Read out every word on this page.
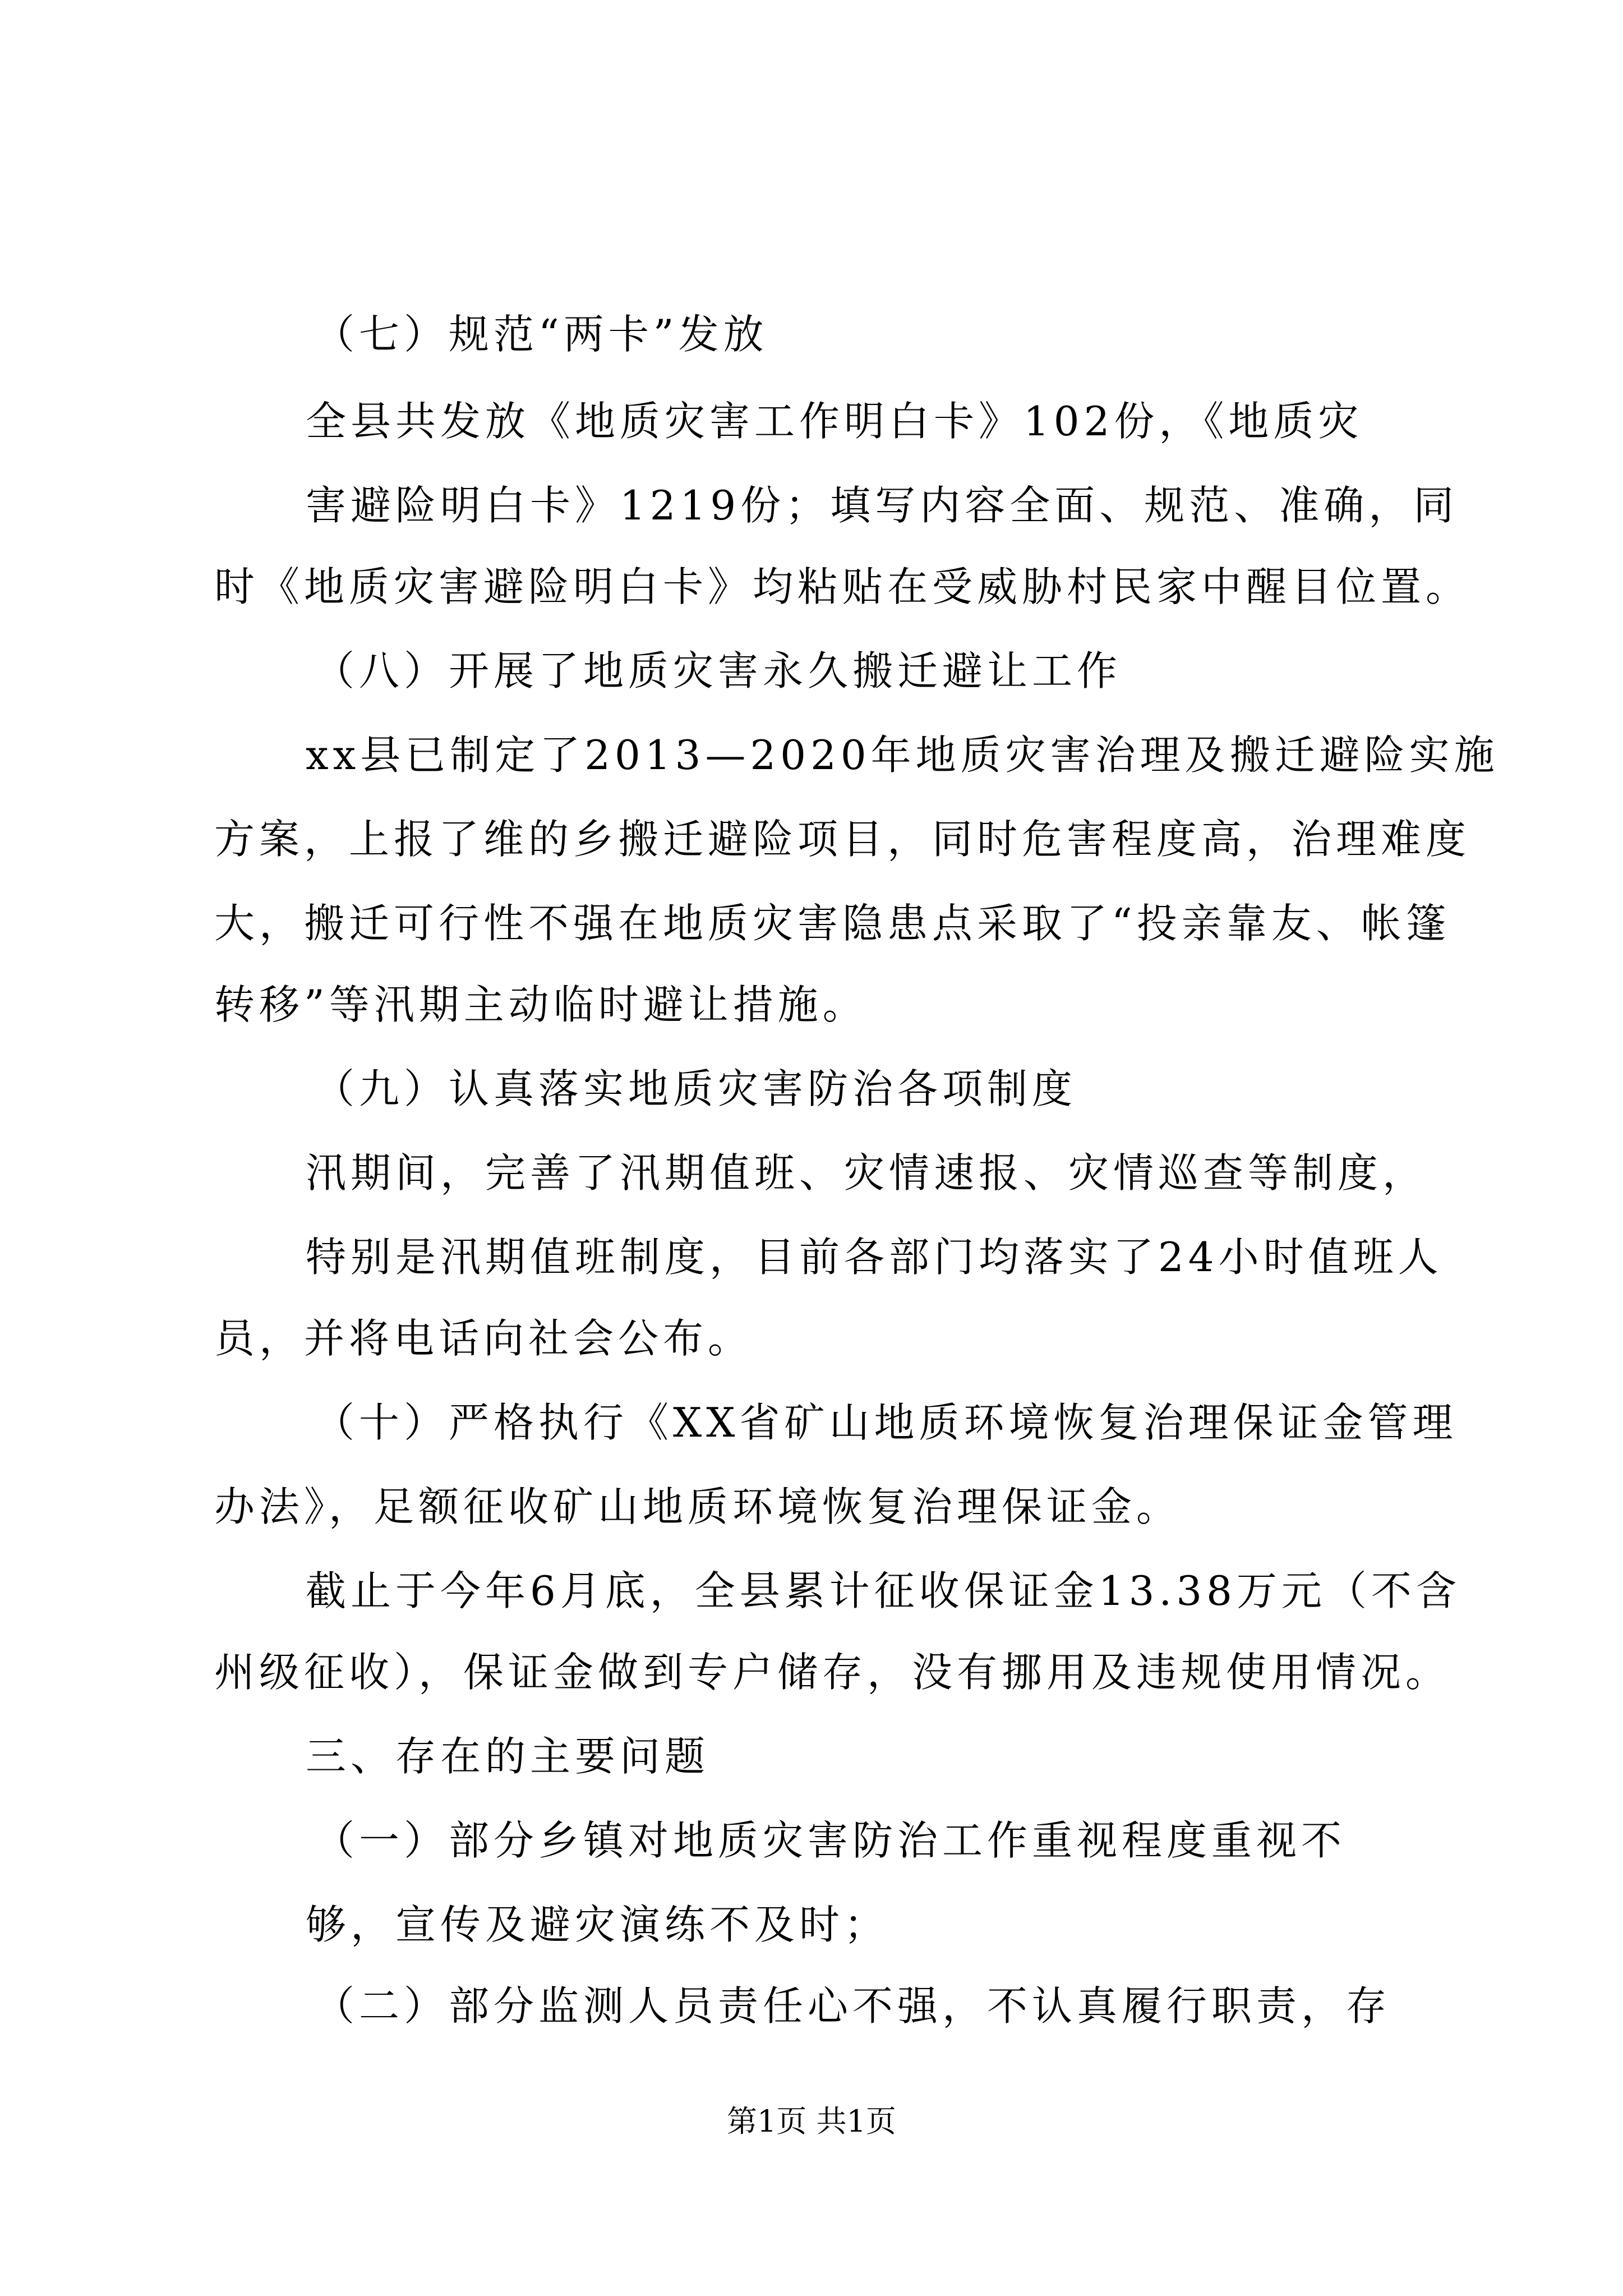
（七）规范“两卡”发放
全县共发放《地质灾害工作明白卡》102份，《地质灾
害避险明白卡》1219份；填写内容全面、规范、准确，同
时《地质灾害避险明白卡》均粘贴在受威胁村民家中醒目位置。
（八）开展了地质灾害永久搬迁避让工作
xx县已制定了2013—2020年地质灾害治理及搬迁避险实施
方案，上报了维的乡搬迁避险项目，同时危害程度高，治理难度
大，搬迁可行性不强在地质灾害隐患点采取了“投亲靠友、帐篷
转移”等汛期主动临时避让措施。
（九）认真落实地质灾害防治各项制度
汛期间，完善了汛期值班、灾情速报、灾情巡查等制度，
特别是汛期值班制度，目前各部门均落实了24小时值班人
员，并将电话向社会公布。
（十）严格执行《XX省矿山地质环境恢复治理保证金管理
办法》，足额征收矿山地质环境恢复治理保证金。
截止于今年6月底，全县累计征收保证金13.38万元（不含
州级征收），保证金做到专户储存，没有挪用及违规使用情况。
三、存在的主要问题
（一）部分乡镇对地质灾害防治工作重视程度重视不
够，宣传及避灾演练不及时；
（二）部分监测人员责任心不强，不认真履行职责，存
第1页 共1页
